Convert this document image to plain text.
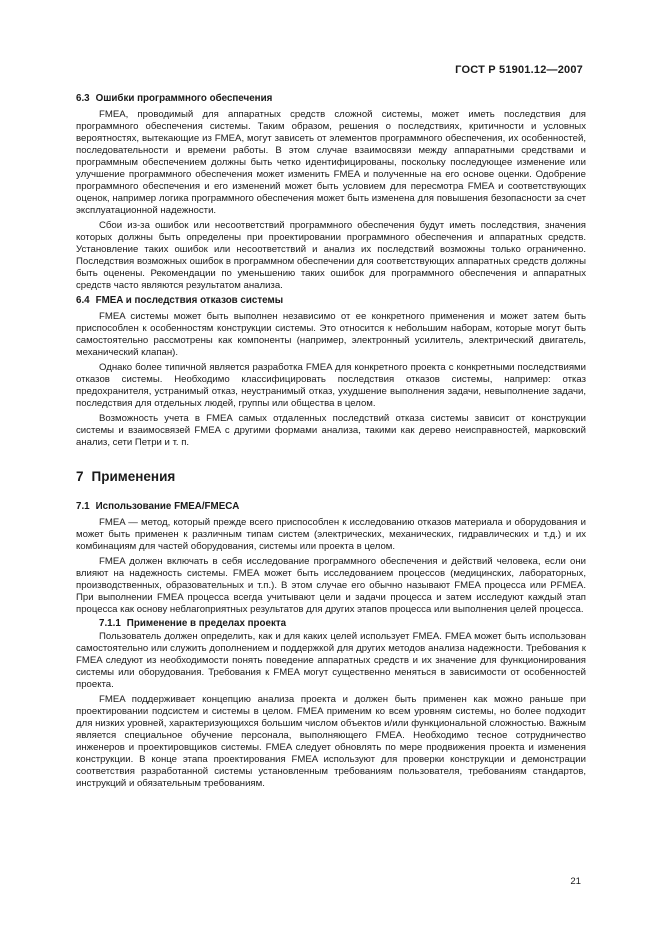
ГОСТ Р 51901.12—2007
6.3 Ошибки программного обеспечения

FMEA, проводимый для аппаратных средств сложной системы, может иметь последствия для программного обеспечения системы. Таким образом, решения о последствиях, критичности и условных вероятностях, вытекающие из FMEA, могут зависеть от элементов программного обеспечения, их особенностей, последовательности и времени работы. В этом случае взаимосвязи между аппаратными средствами и программным обеспечением должны быть четко идентифицированы, поскольку последующее изменение или улучшение программного обеспечения может изменить FMEA и полученные на его основе оценки. Одобрение программного обеспечения и его изменений может быть условием для пересмотра FMEA и соответствующих оценок, например логика программного обеспечения может быть изменена для повышения безопасности за счет эксплуатационной надежности.

Сбои из-за ошибок или несоответствий программного обеспечения будут иметь последствия, значения которых должны быть определены при проектировании программного обеспечения и аппаратных средств. Установление таких ошибок или несоответствий и анализ их последствий возможны только ограниченно. Последствия возможных ошибок в программном обеспечении для соответствующих аппаратных средств должны быть оценены. Рекомендации по уменьшению таких ошибок для программного обеспечения и аппаратных средств часто являются результатом анализа.

6.4 FMEA и последствия отказов системы

FMEA системы может быть выполнен независимо от ее конкретного применения и может затем быть приспособлен к особенностям конструкции системы. Это относится к небольшим наборам, которые могут быть самостоятельно рассмотрены как компоненты (например, электронный усилитель, электрический двигатель, механический клапан).

Однако более типичной является разработка FMEA для конкретного проекта с конкретными последствиями отказов системы. Необходимо классифицировать последствия отказов системы, например: отказ предохранителя, устранимый отказ, неустранимый отказ, ухудшение выполнения задачи, невыполнение задачи, последствия для отдельных людей, группы или общества в целом.

Возможность учета в FMEA самых отдаленных последствий отказа системы зависит от конструкции системы и взаимосвязей FMEA с другими формами анализа, такими как дерево неисправностей, марковский анализ, сети Петри и т. п.

7 Применения
7.1 Использование FMEA/FMECA

FMEA — метод, который прежде всего приспособлен к исследованию отказов материала и оборудования и может быть применен к различным типам систем (электрических, механических, гидравлических и т.д.) и их комбинациям для частей оборудования, системы или проекта в целом.

FMEA должен включать в себя исследование программного обеспечения и действий человека, если они влияют на надежность системы. FMEA может быть исследованием процессов (медицинских, лабораторных, производственных, образовательных и т.п.). В этом случае его обычно называют FMEA процесса или PFMEA. При выполнении FMEA процесса всегда учитывают цели и задачи процесса и затем исследуют каждый этап процесса как основу неблагоприятных результатов для других этапов процесса или выполнения целей процесса.

7.1.1 Применение в пределах проекта

Пользователь должен определить, как и для каких целей использует FMEA. FMEA может быть использован самостоятельно или служить дополнением и поддержкой для других методов анализа надежности. Требования к FMEA следуют из необходимости понять поведение аппаратных средств и их значение для функционирования системы или оборудования. Требования к FMEA могут существенно меняться в зависимости от особенностей проекта.

FMEA поддерживает концепцию анализа проекта и должен быть применен как можно раньше при проектировании подсистем и системы в целом. FMEA применим ко всем уровням системы, но более подходит для низких уровней, характеризующихся большим числом объектов и/или функциональной сложностью. Важным является специальное обучение персонала, выполняющего FMEA. Необходимо тесное сотрудничество инженеров и проектировщиков системы. FMEA следует обновлять по мере продвижения проекта и изменения конструкции. В конце этапа проектирования FMEA используют для проверки конструкции и демонстрации соответствия разработанной системы установленным требованиям пользователя, требованиям стандартов, инструкций и обязательным требованиям.

21
